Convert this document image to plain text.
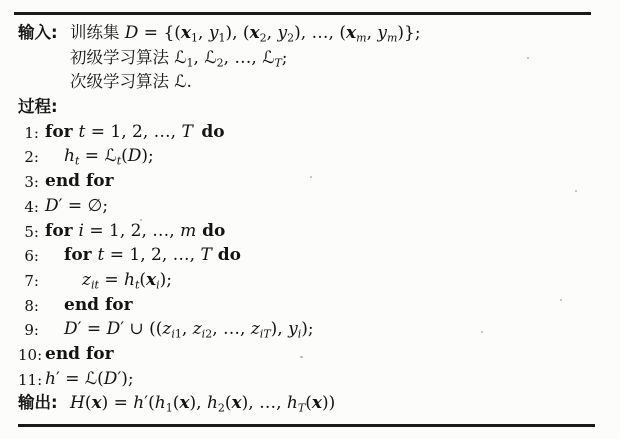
输入: 训练集 $D = \{(x_1$, $y_1$), ($x_2$, $y_2$), …, ($x_m$, $y_m$)};
初级学习算法 ℒ$_1$, ℒ$_2$, …, ℒ$_T$;
次级学习算法 ℒ.
过程:
1: for t = 1, 2, …, T do
2:	$h_t$ = ℒ$_t$(D);
3: end for
4: D′ = ∅;
5: for i = 1, 2, …, m do
6:	for t = 1, 2, …, T do
7:	$z_{it} = h_t(x_i)$;
8:	end for
9:	D′ = D′ ∪ (($z_{i1}$, $z_{i2}$, …, $z_{iT}$), $y_i$);
10: end for
11: h′ = ℒ(D′);
输出: $H(x) = h'(h_1(x)$, $h_2(x)$, …, $h_T(x)$)
